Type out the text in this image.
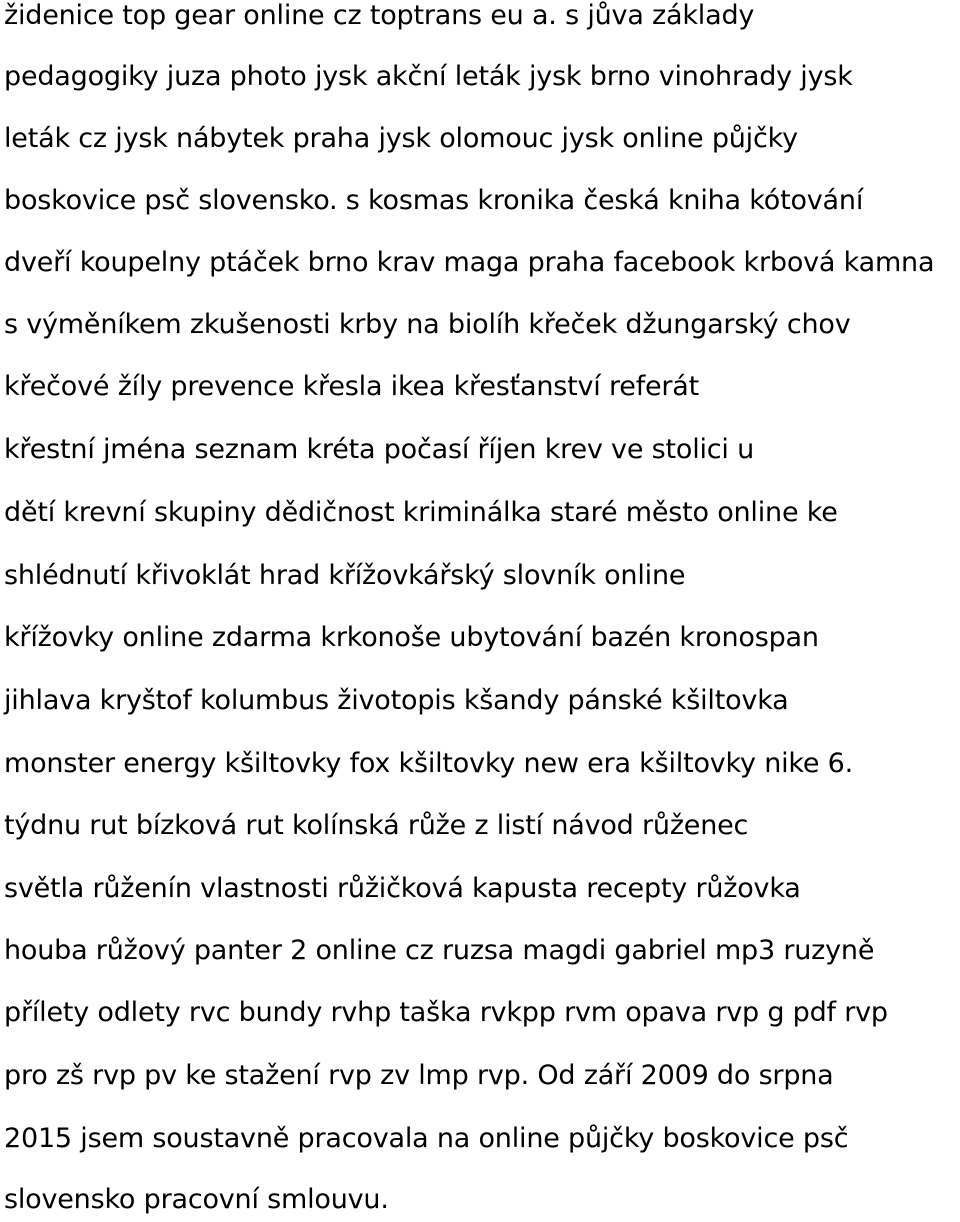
židenice top gear online cz toptrans eu a. s jůva základy
pedagogiky juza photo jysk akční leták jysk brno vinohrady jysk
leták cz jysk nábytek praha jysk olomouc jysk online půjčky
boskovice psč slovensko. s kosmas kronika česká kniha kótování
dveří koupelny ptáček brno krav maga praha facebook krbová kamna
s výměníkem zkušenosti krby na biolíh křeček džungarský chov
křečové žíly prevence křesla ikea křesťanství referát
křestní jména seznam kréta počasí říjen krev ve stolici u
dětí krevní skupiny dědičnost kriminálka staré město online ke
shlédnutí křivoklát hrad křížovkářský slovník online
křížovky online zdarma krkonoše ubytování bazén kronospan
jihlava kryštof kolumbus životopis kšandy pánské kšiltovka
monster energy kšiltovky fox kšiltovky new era kšiltovky nike 6.
týdnu rut bízková rut kolínská růže z listí návod růženec
světla růženín vlastnosti růžičková kapusta recepty růžovka
houba růžový panter 2 online cz ruzsa magdi gabriel mp3 ruzyně
přílety odlety rvc bundy rvhp taška rvkpp rvm opava rvp g pdf rvp
pro zš rvp pv ke stažení rvp zv lmp rvp. Od září 2009 do srpna
2015 jsem soustavně pracovala na online půjčky boskovice psč
slovensko pracovní smlouvu.
